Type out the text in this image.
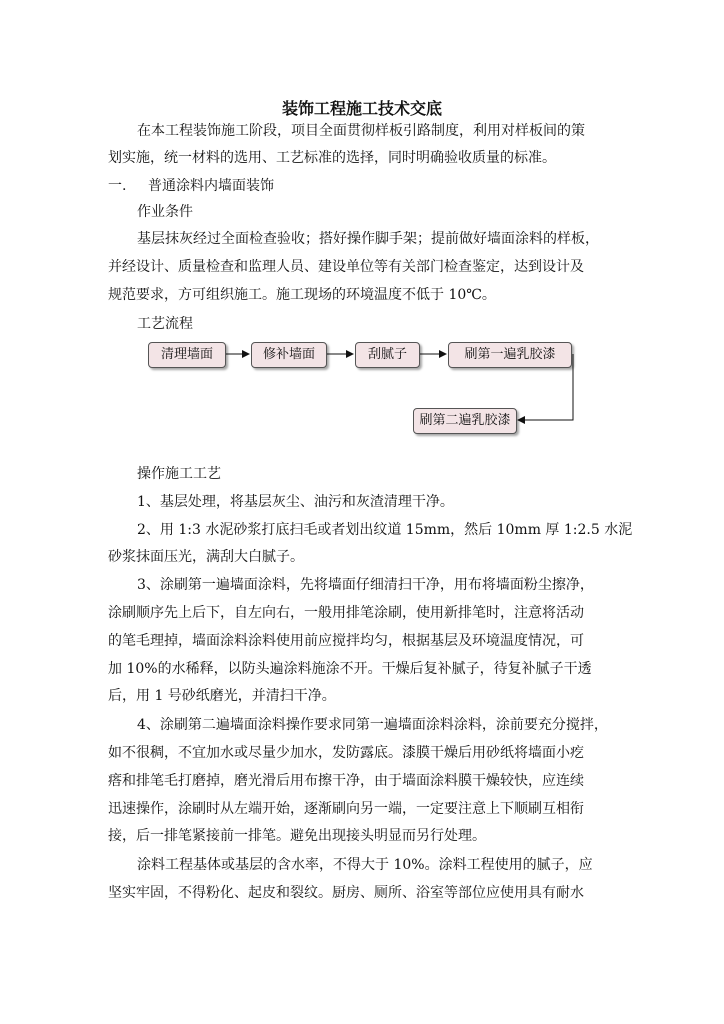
装饰工程施工技术交底
在本工程装饰施工阶段，项目全面贯彻样板引路制度，利用对样板间的策
划实施，统一材料的选用、工艺标准的选择，同时明确验收质量的标准。
一. 普通涂料内墙面装饰
作业条件
基层抹灰经过全面检查验收；搭好操作脚手架；提前做好墙面涂料的样板，
并经设计、质量检查和监理人员、建设单位等有关部门检查鉴定，达到设计及
规范要求，方可组织施工。施工现场的环境温度不低于 10℃。
工艺流程
清理墙面	修补墙面	刮腻子	刷第一遍乳胶漆
刷第二遍乳胶漆
操作施工工艺
1、基层处理，将基层灰尘、油污和灰渣清理干净。
2、用 1:3 水泥砂浆打底扫毛或者划出纹道 15mm，然后 10mm 厚 1:2.5 水泥
砂浆抹面压光，满刮大白腻子。
3、涂刷第一遍墙面涂料，先将墙面仔细清扫干净，用布将墙面粉尘擦净，
涂刷顺序先上后下，自左向右，一般用排笔涂刷，使用新排笔时，注意将活动
的笔毛理掉，墙面涂料涂料使用前应搅拌均匀，根据基层及环境温度情况，可
加 10%的水稀释，以防头遍涂料施涂不开。干燥后复补腻子，待复补腻子干透
后，用 1 号砂纸磨光，并清扫干净。
4、涂刷第二遍墙面涂料操作要求同第一遍墙面涂料涂料，涂前要充分搅拌，
如不很稠，不宜加水或尽量少加水，发防露底。漆膜干燥后用砂纸将墙面小疙
瘩和排笔毛打磨掉，磨光滑后用布擦干净，由于墙面涂料膜干燥较快，应连续
迅速操作，涂刷时从左端开始，逐渐刷向另一端，一定要注意上下顺刷互相衔
接，后一排笔紧接前一排笔。避免出现接头明显而另行处理。
涂料工程基体或基层的含水率，不得大于 10%。涂料工程使用的腻子，应
坚实牢固，不得粉化、起皮和裂纹。厨房、厕所、浴室等部位应使用具有耐水
